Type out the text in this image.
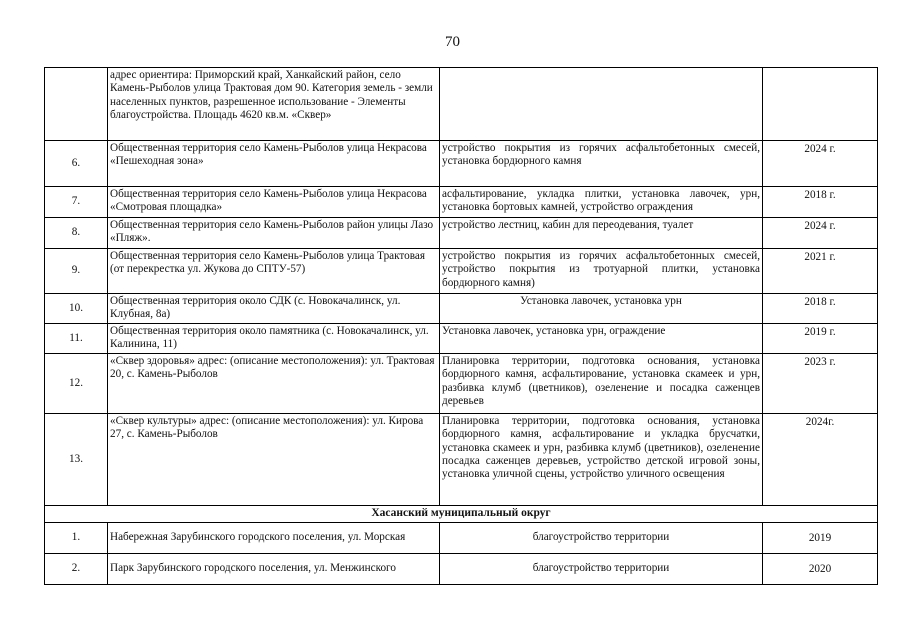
70
	адрес ориентира: Приморский край, Ханкайский район, село Камень-Рыболов улица Трактовая дом 90. Категория земель - земли населенных пунктов, разрешенное использование - Элементы благоустройства. Площадь 4620 кв.м. «Сквер»		
6.	Общественная территория село Камень-Рыболов улица Некрасова «Пешеходная зона»	устройство покрытия из горячих асфальтобетонных смесей, установка бордюрного камня	2024 г.
7.	Общественная территория село Камень-Рыболов улица Некрасова «Смотровая площадка»	асфальтирование, укладка плитки, установка лавочек, урн, установка бортовых камней, устройство ограждения	2018 г.
8.	Общественная территория село Камень-Рыболов район улицы Лазо «Пляж».	устройство лестниц, кабин для переодевания, туалет	2024 г.
9.	Общественная территория село Камень-Рыболов улица Трактовая (от перекрестка ул. Жукова до СПТУ-57)	устройство покрытия из горячих асфальтобетонных смесей, устройство покрытия из тротуарной плитки, установка бордюрного камня)	2021 г.
10.	Общественная территория около СДК (с. Новокачалинск, ул. Клубная, 8а)	Установка лавочек, установка урн	2018 г.
11.	Общественная территория около памятника (с. Новокачалинск, ул. Калинина, 11)	Установка лавочек, установка урн, ограждение	2019 г.
12.	«Сквер здоровья» адрес: (описание местоположения): ул. Трактовая 20, с. Камень-Рыболов	Планировка территории, подготовка основания, установка бордюрного камня, асфальтирование, установка скамеек и урн, разбивка клумб (цветников), озеленение и посадка саженцев деревьев	2023 г.
13.	«Сквер культуры» адрес: (описание местоположения): ул. Кирова 27, с. Камень-Рыболов	Планировка территории, подготовка основания, установка бордюрного камня, асфальтирование и укладка брусчатки, установка скамеек и урн, разбивка клумб (цветников), озеленение посадка саженцев деревьев, устройство детской игровой зоны, установка уличной сцены, устройство уличного освещения	2024г.
Хасанский муниципальный округ			
1.	Набережная Зарубинского городского поселения, ул. Морская	благоустройство территории	2019
2.	Парк Зарубинского городского поселения, ул. Менжинского	благоустройство территории	2020
